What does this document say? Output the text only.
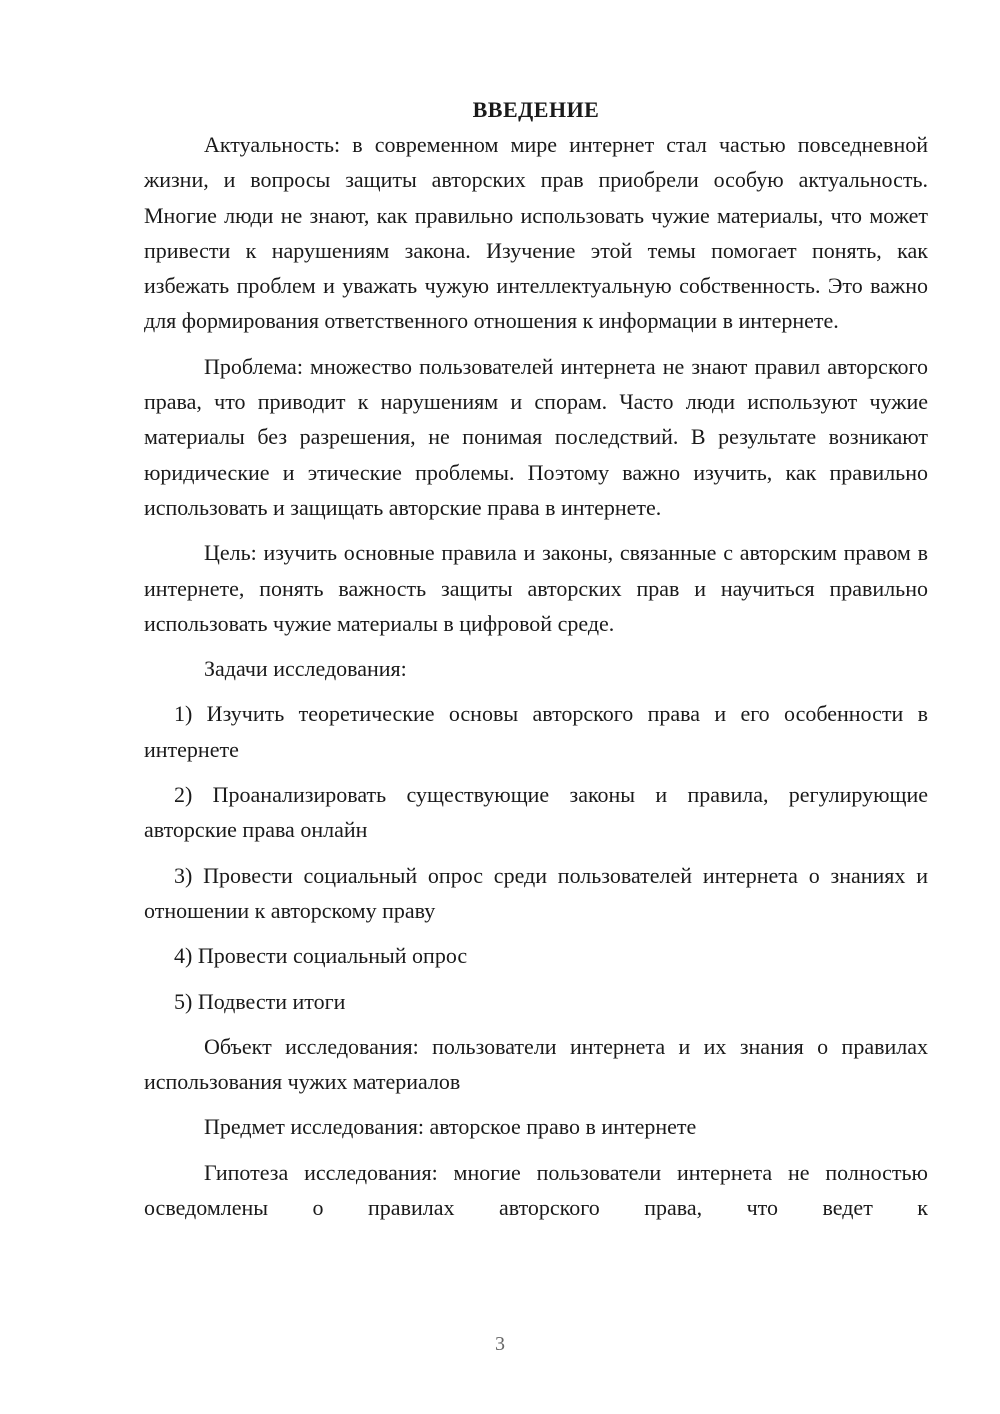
ВВЕДЕНИЕ

Актуальность: в современном мире интернет стал частью повседневной жизни, и вопросы защиты авторских прав приобрели особую актуальность. Многие люди не знают, как правильно использовать чужие материалы, что может привести к нарушениям закона. Изучение этой темы помогает понять, как избежать проблем и уважать чужую интеллектуальную собственность. Это важно для формирования ответственного отношения к информации в интернете.

Проблема: множество пользователей интернета не знают правил авторского права, что приводит к нарушениям и спорам. Часто люди используют чужие материалы без разрешения, не понимая последствий. В результате возникают юридические и этические проблемы. Поэтому важно изучить, как правильно использовать и защищать авторские права в интернете.

Цель: изучить основные правила и законы, связанные с авторским правом в интернете, понять важность защиты авторских прав и научиться правильно использовать чужие материалы в цифровой среде.

Задачи исследования:

1) Изучить теоретические основы авторского права и его особенности в интернете

2) Проанализировать существующие законы и правила, регулирующие авторские права онлайн

3) Провести социальный опрос среди пользователей интернета о знаниях и отношении к авторскому праву

4) Провести социальный опрос

5) Подвести итоги

Объект исследования: пользователи интернета и их знания о правилах использования чужих материалов

Предмет исследования: авторское право в интернете

Гипотеза исследования: многие пользователи интернета не полностью осведомлены о правилах авторского права, что ведет к

3
